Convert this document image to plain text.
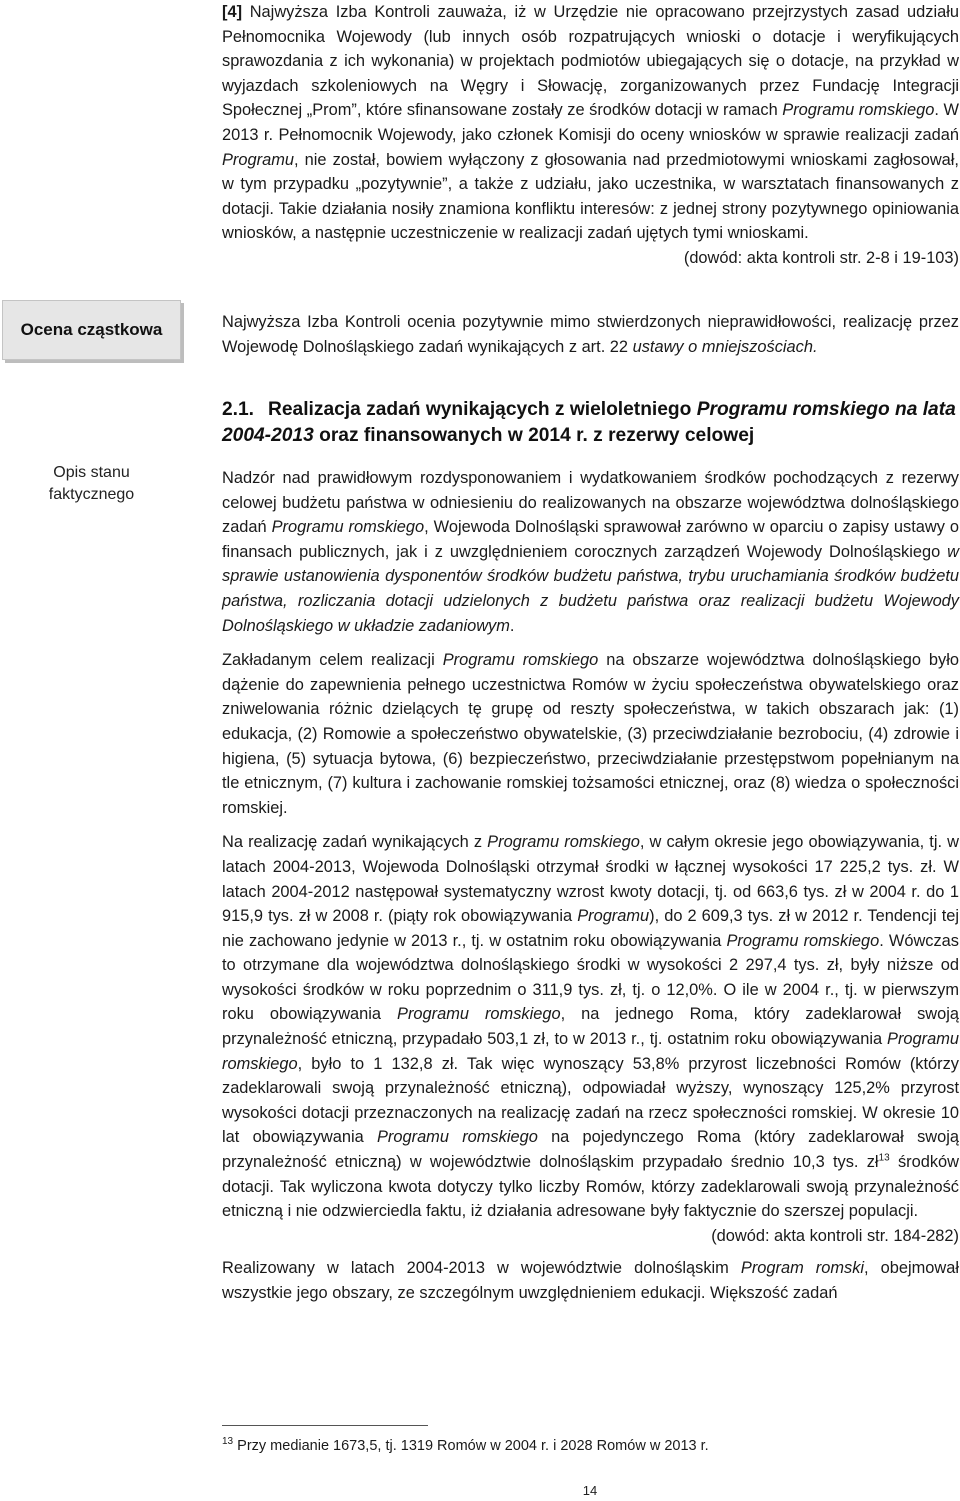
Ocena cząstkowa
Opis stanu
faktycznego

[4] Najwyższa Izba Kontroli zauważa, iż w Urzędzie nie opracowano przejrzystych zasad udziału Pełnomocnika Wojewody (lub innych osób rozpatrujących wnioski o dotacje i weryfikujących sprawozdania z ich wykonania) w projektach podmiotów ubiegających się o dotacje, na przykład w wyjazdach szkoleniowych na Węgry i Słowację, zorganizowanych przez Fundację Integracji Społecznej „Prom”, które sfinansowane zostały ze środków dotacji w ramach Programu romskiego. W 2013 r. Pełnomocnik Wojewody, jako członek Komisji do oceny wniosków w sprawie realizacji zadań Programu, nie został, bowiem wyłączony z głosowania nad przedmiotowymi wnioskami zagłosował, w tym przypadku „pozytywnie”, a także z udziału, jako uczestnika, w warsztatach finansowanych z dotacji. Takie działania nosiły znamiona konfliktu interesów: z jednej strony pozytywnego opiniowania wniosków, a następnie uczestniczenie w realizacji zadań ujętych tymi wnioskami.

(dowód: akta kontroli str. 2-8 i 19-103)

Najwyższa Izba Kontroli ocenia pozytywnie mimo stwierdzonych nieprawidłowości, realizację przez Wojewodę Dolnośląskiego zadań wynikających z art. 22 ustawy o mniejszościach.

2.1. Realizacja zadań wynikających z wieloletniego Programu romskiego na lata 2004-2013 oraz finansowanych w 2014 r. z rezerwy celowej

Nadzór nad prawidłowym rozdysponowaniem i wydatkowaniem środków pochodzących z rezerwy celowej budżetu państwa w odniesieniu do realizowanych na obszarze województwa dolnośląskiego zadań Programu romskiego, Wojewoda Dolnośląski sprawował zarówno w oparciu o zapisy ustawy o finansach publicznych, jak i z uwzględnieniem corocznych zarządzeń Wojewody Dolnośląskiego w sprawie ustanowienia dysponentów środków budżetu państwa, trybu uruchamiania środków budżetu państwa, rozliczania dotacji udzielonych z budżetu państwa oraz realizacji budżetu Wojewody Dolnośląskiego w układzie zadaniowym.

Zakładanym celem realizacji Programu romskiego na obszarze województwa dolnośląskiego było dążenie do zapewnienia pełnego uczestnictwa Romów w życiu społeczeństwa obywatelskiego oraz zniwelowania różnic dzielących tę grupę od reszty społeczeństwa, w takich obszarach jak: (1) edukacja, (2) Romowie a społeczeństwo obywatelskie, (3) przeciwdziałanie bezrobociu, (4) zdrowie i higiena, (5) sytuacja bytowa, (6) bezpieczeństwo, przeciwdziałanie przestępstwom popełnianym na tle etnicznym, (7) kultura i zachowanie romskiej tożsamości etnicznej, oraz (8) wiedza o społeczności romskiej.

Na realizację zadań wynikających z Programu romskiego, w całym okresie jego obowiązywania, tj. w latach 2004-2013, Wojewoda Dolnośląski otrzymał środki w łącznej wysokości 17 225,2 tys. zł. W latach 2004-2012 następował systematyczny wzrost kwoty dotacji, tj. od 663,6 tys. zł w 2004 r. do 1 915,9 tys. zł w 2008 r. (piąty rok obowiązywania Programu), do 2 609,3 tys. zł w 2012 r. Tendencji tej nie zachowano jedynie w 2013 r., tj. w ostatnim roku obowiązywania Programu romskiego. Wówczas to otrzymane dla województwa dolnośląskiego środki w wysokości 2 297,4 tys. zł, były niższe od wysokości środków w roku poprzednim o 311,9 tys. zł, tj. o 12,0%. O ile w 2004 r., tj. w pierwszym roku obowiązywania Programu romskiego, na jednego Roma, który zadeklarował swoją przynależność etniczną, przypadało 503,1 zł, to w 2013 r., tj. ostatnim roku obowiązywania Programu romskiego, było to 1 132,8 zł. Tak więc wynoszący 53,8% przyrost liczebności Romów (którzy zadeklarowali swoją przynależność etniczną), odpowiadał wyższy, wynoszący 125,2% przyrost wysokości dotacji przeznaczonych na realizację zadań na rzecz społeczności romskiej. W okresie 10 lat obowiązywania Programu romskiego na pojedynczego Roma (który zadeklarował swoją przynależność etniczną) w województwie dolnośląskim przypadało średnio 10,3 tys. $zł^{13}$ środków dotacji. Tak wyliczona kwota dotyczy tylko liczby Romów, którzy zadeklarowali swoją przynależność etniczną i nie odzwierciedla faktu, iż działania adresowane były faktycznie do szerszej populacji.

(dowód: akta kontroli str. 184-282)

Realizowany w latach 2004-2013 w województwie dolnośląskim Program romski, obejmował wszystkie jego obszary, ze szczególnym uwzględnieniem edukacji. Większość zadań

$^{13}$ Przy medianie 1673,5, tj. 1319 Romów w 2004 r. i 2028 Romów w 2013 r.
14
